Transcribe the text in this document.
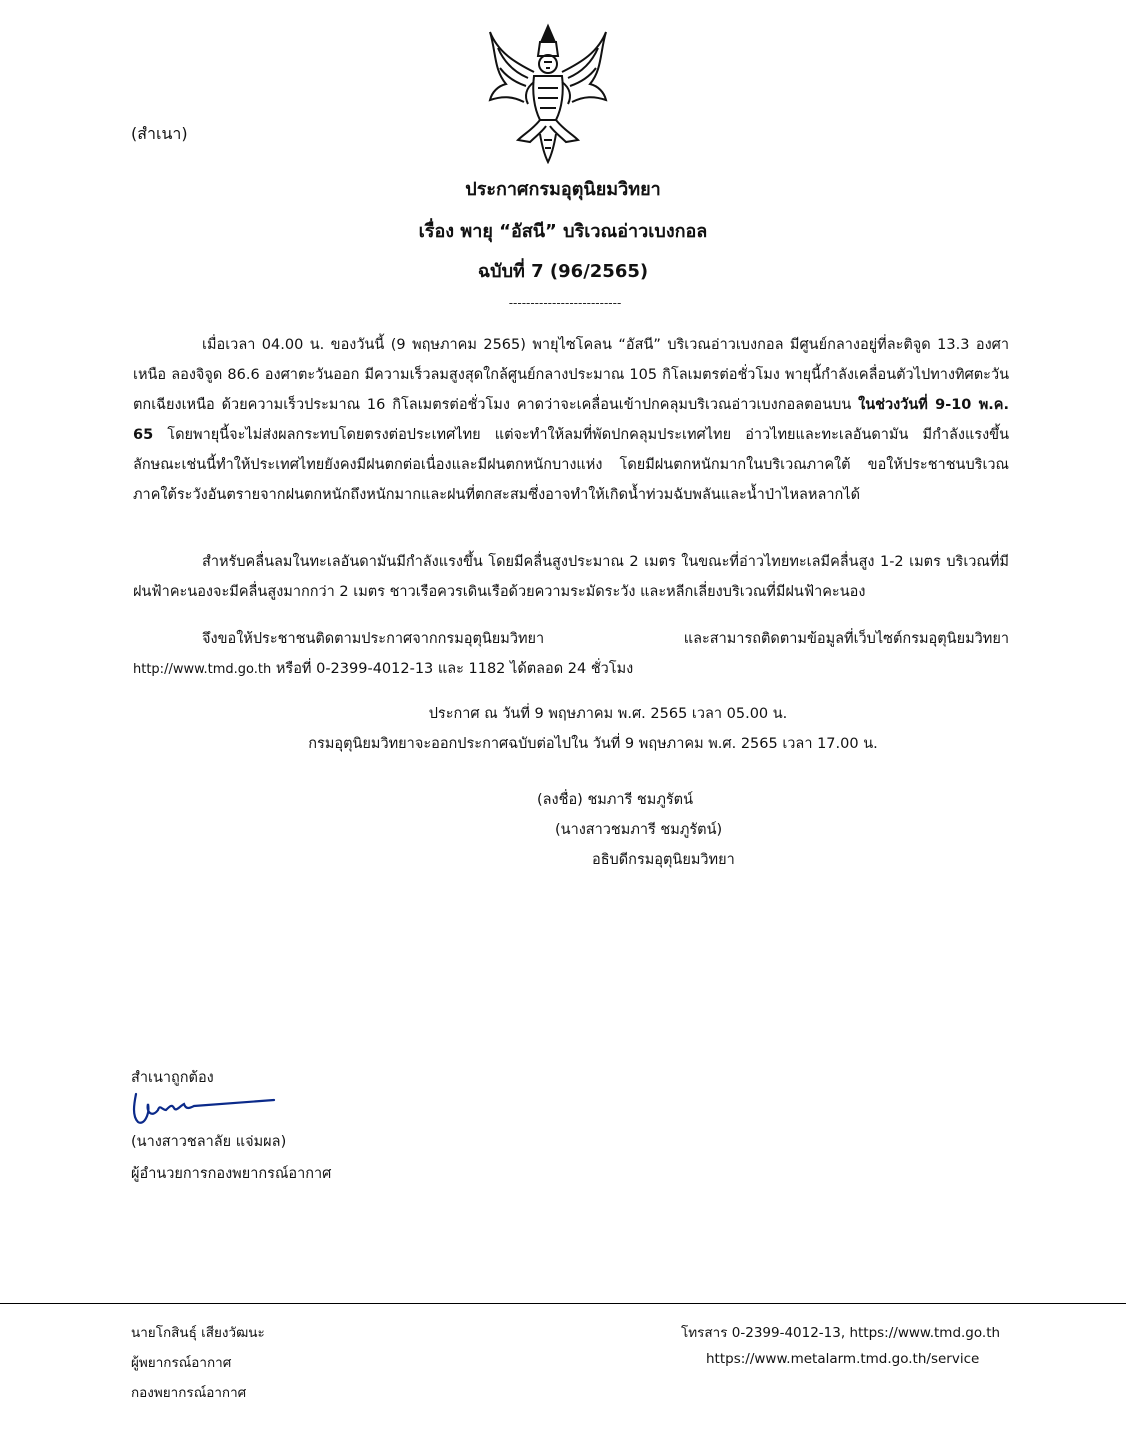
(สำเนา)
ประกาศกรมอุตุนิยมวิทยา
เรื่อง พายุ “อัสนี” บริเวณอ่าวเบงกอล
ฉบับที่ 7 (96/2565)
--------------------------
เมื่อเวลา 04.00 น. ของวันนี้ (9 พฤษภาคม 2565) พายุไซโคลน “อัสนี” บริเวณอ่าวเบงกอล มีศูนย์กลางอยู่ที่ละติจูด 13.3 องศาเหนือ ลองจิจูด 86.6 องศาตะวันออก มีความเร็วลมสูงสุดใกล้ศูนย์กลางประมาณ 105 กิโลเมตรต่อชั่วโมง พายุนี้กำลังเคลื่อนตัวไปทางทิศตะวันตกเฉียงเหนือ ด้วยความเร็วประมาณ 16 กิโลเมตรต่อชั่วโมง คาดว่าจะเคลื่อนเข้าปกคลุมบริเวณอ่าวเบงกอลตอนบน ในช่วงวันที่ 9-10 พ.ค. 65 โดยพายุนี้จะไม่ส่งผลกระทบโดยตรงต่อประเทศไทย แต่จะทำให้ลมที่พัดปกคลุมประเทศไทย อ่าวไทยและทะเลอันดามัน มีกำลังแรงขึ้น ลักษณะเช่นนี้ทำให้ประเทศไทยยังคงมีฝนตกต่อเนื่องและมีฝนตกหนักบางแห่ง โดยมีฝนตกหนักมากในบริเวณภาคใต้ ขอให้ประชาชนบริเวณภาคใต้ระวังอันตรายจากฝนตกหนักถึงหนักมากและฝนที่ตกสะสมซึ่งอาจทำให้เกิดน้ำท่วมฉับพลันและน้ำป่าไหลหลากได้
สำหรับคลื่นลมในทะเลอันดามันมีกำลังแรงขึ้น โดยมีคลื่นสูงประมาณ 2 เมตร ในขณะที่อ่าวไทยทะเลมีคลื่นสูง 1-2 เมตร บริเวณที่มีฝนฟ้าคะนองจะมีคลื่นสูงมากกว่า 2 เมตร ชาวเรือควรเดินเรือด้วยความระมัดระวัง และหลีกเลี่ยงบริเวณที่มีฝนฟ้าคะนอง
จึงขอให้ประชาชนติดตามประกาศจากกรมอุตุนิยมวิทยา และสามารถติดตามข้อมูลที่เว็บไซต์กรมอุตุนิยมวิทยา http://www.tmd.go.th หรือที่ 0-2399-4012-13 และ 1182 ได้ตลอด 24 ชั่วโมง
ประกาศ ณ วันที่ 9 พฤษภาคม พ.ศ. 2565 เวลา 05.00 น.
กรมอุตุนิยมวิทยาจะออกประกาศฉบับต่อไปใน วันที่ 9 พฤษภาคม พ.ศ. 2565 เวลา 17.00 น.
(ลงชื่อ) ชมภารี ชมภูรัตน์
(นางสาวชมภารี ชมภูรัตน์)
อธิบดีกรมอุตุนิยมวิทยา
สำเนาถูกต้อง
(นางสาวชลาลัย แจ่มผล)
ผู้อำนวยการกองพยากรณ์อากาศ
นายโกสินธุ์ เสียงวัฒนะ
ผู้พยากรณ์อากาศ
กองพยากรณ์อากาศ
โทรสาร 0-2399-4012-13, https://www.tmd.go.th
https://www.metalarm.tmd.go.th/service
